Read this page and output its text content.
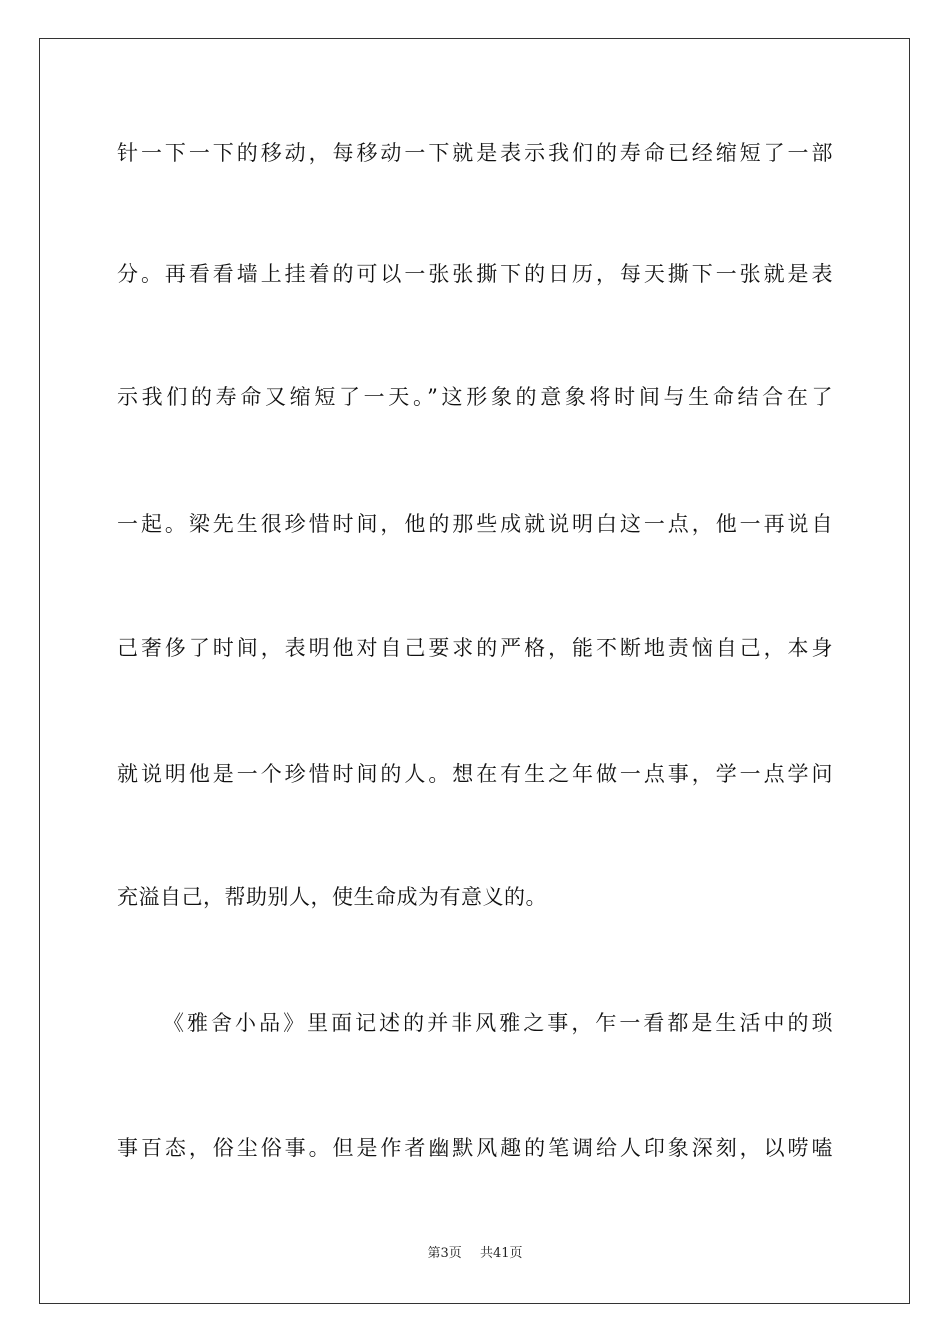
针一下一下的移动，每移动一下就是表示我们的寿命已经缩短了一部
分。再看看墙上挂着的可以一张张撕下的日历，每天撕下一张就是表
示我们的寿命又缩短了一天。”这形象的意象将时间与生命结合在了
一起。梁先生很珍惜时间，他的那些成就说明白这一点，他一再说自
己奢侈了时间，表明他对自己要求的严格，能不断地责恼自己，本身
就说明他是一个珍惜时间的人。想在有生之年做一点事，学一点学问
充溢自己，帮助别人，使生命成为有意义的。
《雅舍小品》里面记述的并非风雅之事，乍一看都是生活中的琐
事百态，俗尘俗事。但是作者幽默风趣的笔调给人印象深刻，以唠嗑
第3页 共41页
